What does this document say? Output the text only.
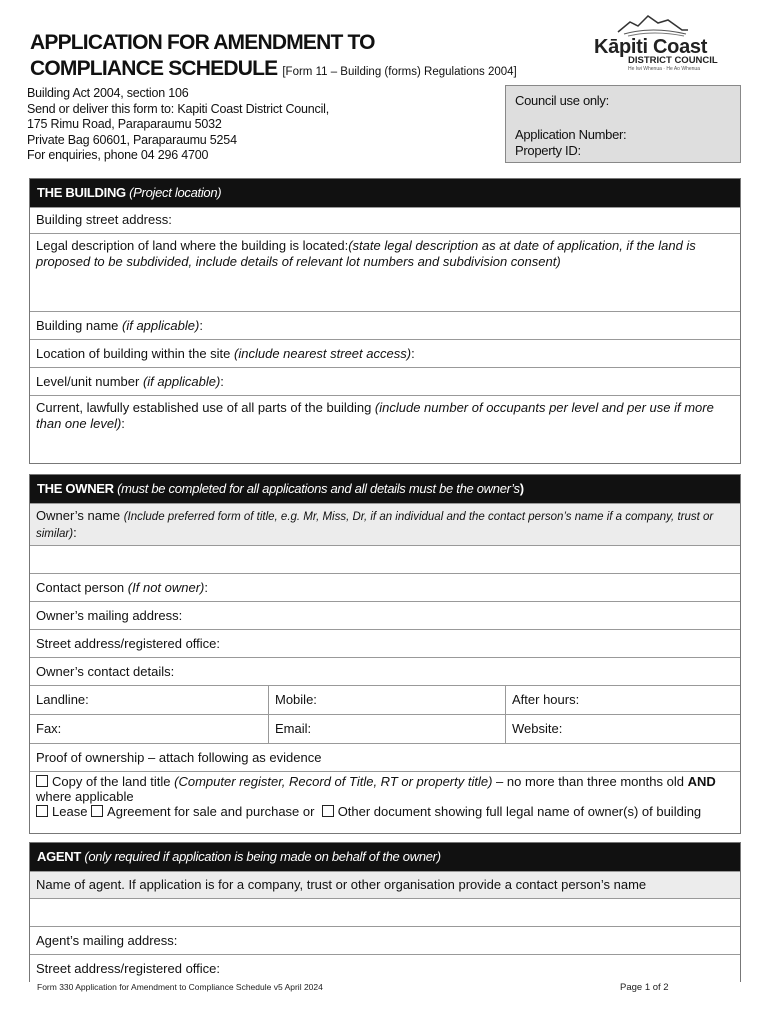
APPLICATION FOR AMENDMENT TO
COMPLIANCE SCHEDULE [Form 11 – Building (forms) Regulations 2004]
Kāpiti Coast
DISTRICT COUNCIL
He Iwi Whenua · He Ao Whenua
Building Act 2004, section 106
Send or deliver this form to: Kapiti Coast District Council,
175 Rimu Road, Paraparaumu 5032
Private Bag 60601, Paraparaumu 5254
For enquiries, phone 04 296 4700
Council use only:
Application Number:
Property ID:
THE BUILDING (Project location)
Building street address:
Legal description of land where the building is located:(state legal description as at date of application, if the land is proposed to be subdivided, include details of relevant lot numbers and subdivision consent)
Building name (if applicable):
Location of building within the site (include nearest street access):
Level/unit number (if applicable):
Current, lawfully established use of all parts of the building (include number of occupants per level and per use if more than one level):
THE OWNER (must be completed for all applications and all details must be the owner’s)
Owner’s name (Include preferred form of title, e.g. Mr, Miss, Dr, if an individual and the contact person’s name if a company, trust or similar):
Contact person (If not owner):
Owner’s mailing address:
Street address/registered office:
Owner’s contact details:
Landline:	Mobile:	After hours:
Fax:	Email:	Website:
Proof of ownership – attach following as evidence
Copy of the land title (Computer register, Record of Title, RT or property title) – no more than three months old AND where applicable
Lease Agreement for sale and purchase or Other document showing full legal name of owner(s) of building
AGENT (only required if application is being made on behalf of the owner)
Name of agent. If application is for a company, trust or other organisation provide a contact person’s name
Agent’s mailing address:
Street address/registered office:
Form 330 Application for Amendment to Compliance Schedule v5 April 2024	Page 1 of 2
